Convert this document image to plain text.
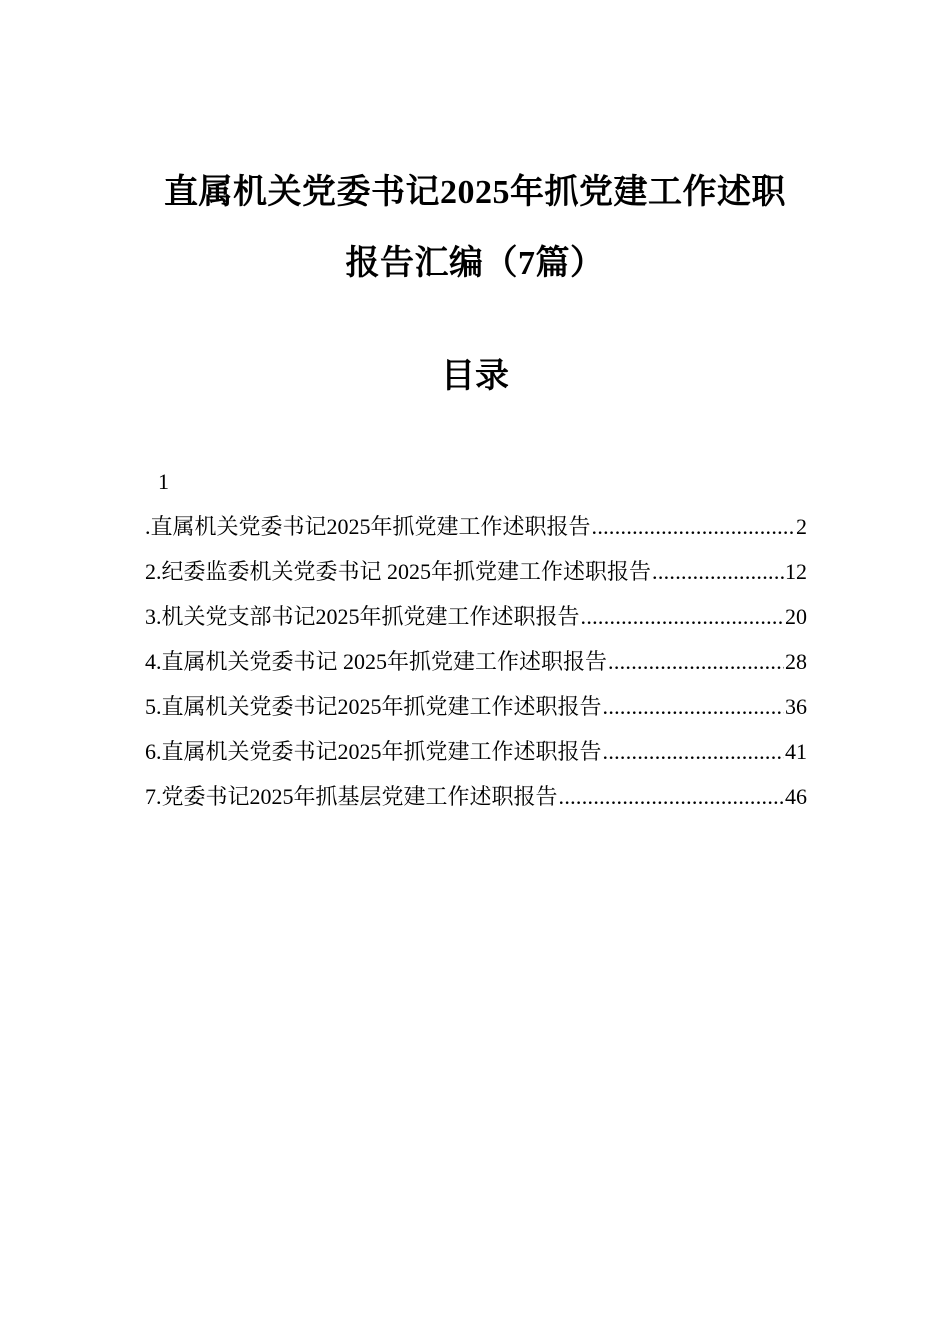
直属机关党委书记2025年抓党建工作述职
报告汇编（7篇）
目录
1
.直属机关党委书记2025年抓党建工作述职报告 .....	2
2.纪委监委机关党委书记 2025年抓党建工作述职报告 .....	12
3.机关党支部书记2025年抓党建工作述职报告 .....	20
4.直属机关党委书记 2025年抓党建工作述职报告 .....	28
5.直属机关党委书记2025年抓党建工作述职报告 .....	36
6.直属机关党委书记2025年抓党建工作述职报告 .....	41
7.党委书记2025年抓基层党建工作述职报告 .....	46
